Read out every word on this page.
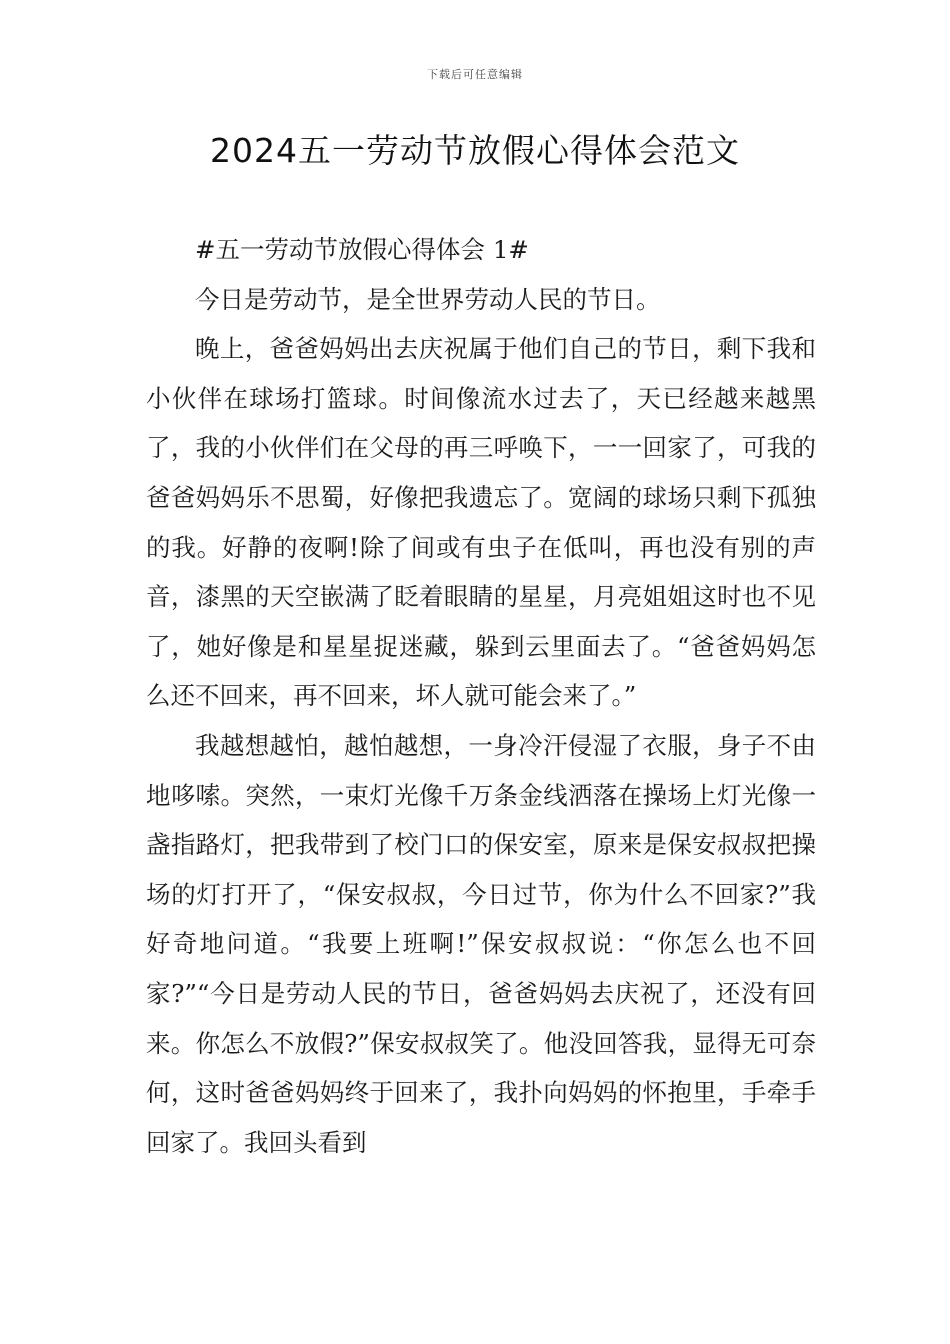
下载后可任意编辑
2024五一劳动节放假心得体会范文

#五一劳动节放假心得体会 1#

今日是劳动节，是全世界劳动人民的节日。

晚上，爸爸妈妈出去庆祝属于他们自己的节日，剩下我和小伙伴在球场打篮球。时间像流水过去了，天已经越来越黑了，我的小伙伴们在父母的再三呼唤下，一一回家了，可我的爸爸妈妈乐不思蜀，好像把我遗忘了。宽阔的球场只剩下孤独的我。好静的夜啊!除了间或有虫子在低叫，再也没有别的声音，漆黑的天空嵌满了眨着眼睛的星星，月亮姐姐这时也不见了，她好像是和星星捉迷藏，躲到云里面去了。“爸爸妈妈怎么还不回来，再不回来，坏人就可能会来了。”

我越想越怕，越怕越想，一身冷汗侵湿了衣服，身子不由地哆嗦。突然，一束灯光像千万条金线洒落在操场上灯光像一盏指路灯，把我带到了校门口的保安室，原来是保安叔叔把操场的灯打开了，“保安叔叔，今日过节，你为什么不回家?”我好奇地问道。“我要上班啊!”保安叔叔说：“你怎么也不回家?”“今日是劳动人民的节日，爸爸妈妈去庆祝了，还没有回来。你怎么不放假?”保安叔叔笑了。他没回答我，显得无可奈何，这时爸爸妈妈终于回来了，我扑向妈妈的怀抱里，手牵手回家了。我回头看到
